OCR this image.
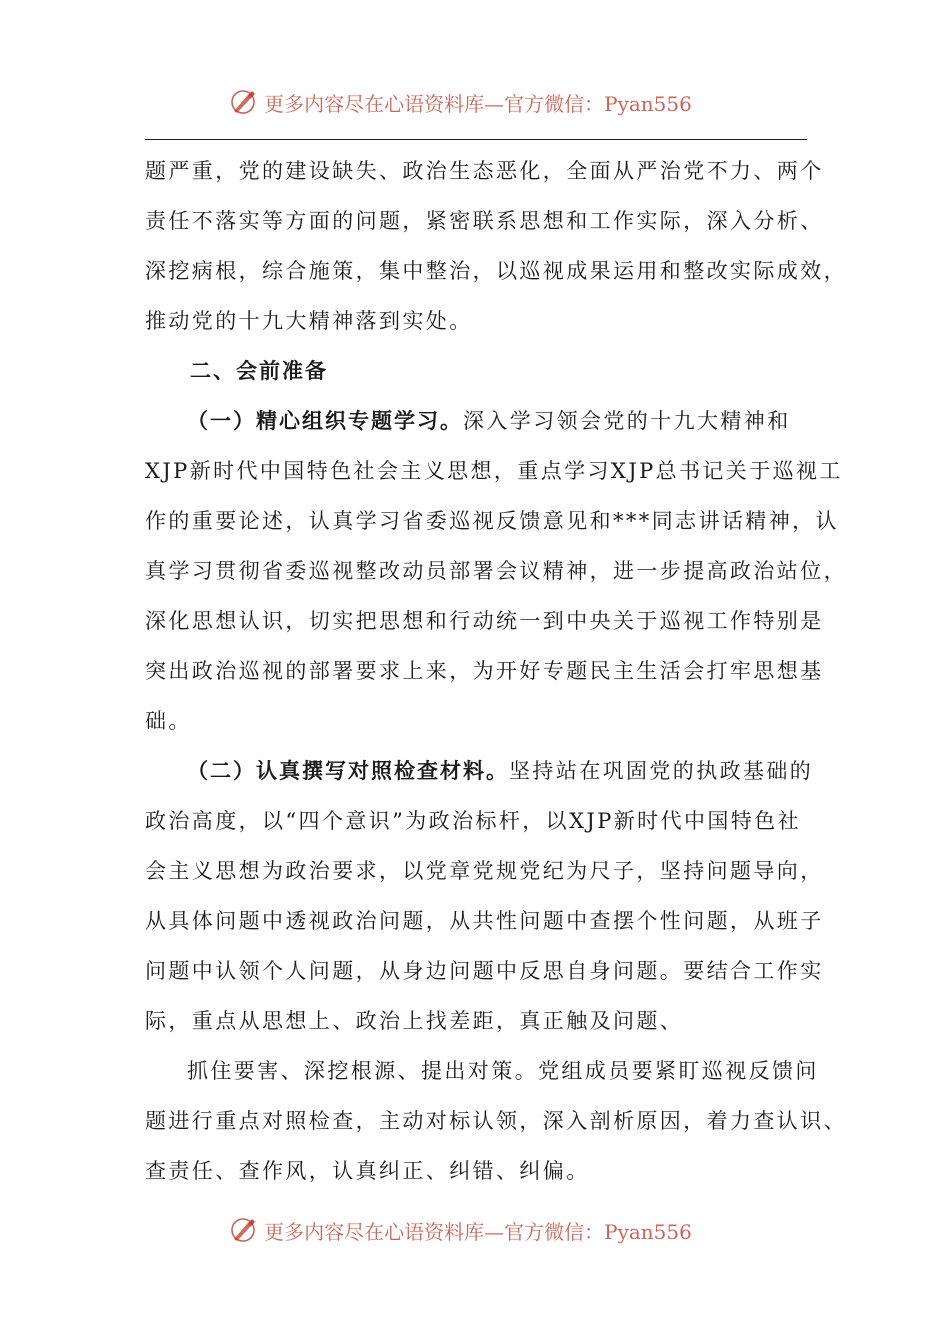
更多内容尽在心语资料库—官方微信：Pyan556
题严重，党的建设缺失、政治生态恶化，全面从严治党不力、两个
责任不落实等方面的问题，紧密联系思想和工作实际，深入分析、
深挖病根，综合施策，集中整治，以巡视成果运用和整改实际成效，
推动党的十九大精神落到实处。
二、会前准备
（一）精心组织专题学习。深入学习领会党的十九大精神和
XJP新时代中国特色社会主义思想，重点学习XJP总书记关于巡视工
作的重要论述，认真学习省委巡视反馈意见和***同志讲话精神，认
真学习贯彻省委巡视整改动员部署会议精神，进一步提高政治站位，
深化思想认识，切实把思想和行动统一到中央关于巡视工作特别是
突出政治巡视的部署要求上来，为开好专题民主生活会打牢思想基
础。
（二）认真撰写对照检查材料。坚持站在巩固党的执政基础的
政治高度，以“四个意识”为政治标杆，以XJP新时代中国特色社
会主义思想为政治要求，以党章党规党纪为尺子，坚持问题导向，
从具体问题中透视政治问题，从共性问题中查摆个性问题，从班子
问题中认领个人问题，从身边问题中反思自身问题。要结合工作实
际，重点从思想上、政治上找差距，真正触及问题、
抓住要害、深挖根源、提出对策。党组成员要紧盯巡视反馈问
题进行重点对照检查，主动对标认领，深入剖析原因，着力查认识、
查责任、查作风，认真纠正、纠错、纠偏。
更多内容尽在心语资料库—官方微信：Pyan556
